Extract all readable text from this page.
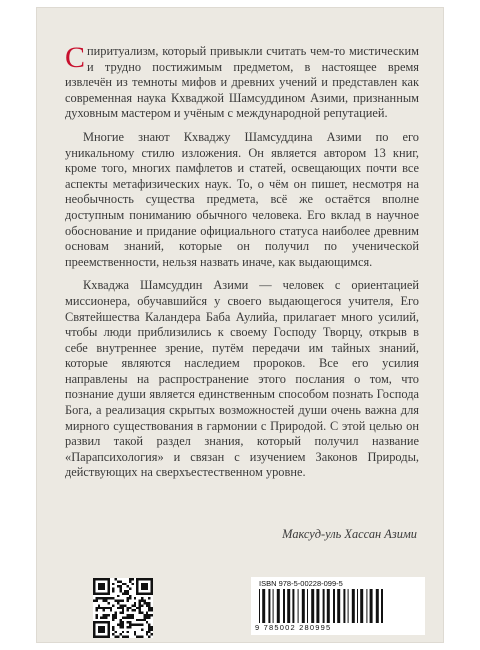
Спиритуализм, который привыкли считать чем-то мистическим и трудно постижимым предметом, в настоящее время извлечён из темноты мифов и древних учений и представлен как современная наука Кхваджой Шамсуддином Азими, признанным духовным мастером и учёным с международной репутацией.

Многие знают Кхваджу Шамсуддина Азими по его уникальному стилю изложения. Он является автором 13 книг, кроме того, многих памфлетов и статей, освещающих почти все аспекты метафизических наук. То, о чём он пишет, несмотря на необычность существа предмета, всё же остаётся вполне доступным пониманию обычного человека. Его вклад в научное обоснование и придание официального статуса наиболее древним основам знаний, которые он получил по ученической преемственности, нельзя назвать иначе, как выдающимся.

Кхваджа Шамсуддин Азими — человек с ориентацией миссионера, обучавшийся у своего выдающегося учителя, Его Святейшества Каландера Баба Аулийа, прилагает много усилий, чтобы люди приблизились к своему Господу Творцу, открыв в себе внутреннее зрение, путём передачи им тайных знаний, которые являются наследием пророков. Все его усилия направлены на распространение этого послания о том, что познание души является единственным способом познать Господа Бога, а реализация скрытых возможностей души очень важна для мирного существования в гармонии с Природой. С этой целью он развил такой раздел знания, который получил название «Парапсихология» и связан с изучением Законов Природы, действующих на сверхъестественном уровне.

Максуд-уль Хассан Азими
ISBN 978-5-00228-099-5
9 785002 280995
